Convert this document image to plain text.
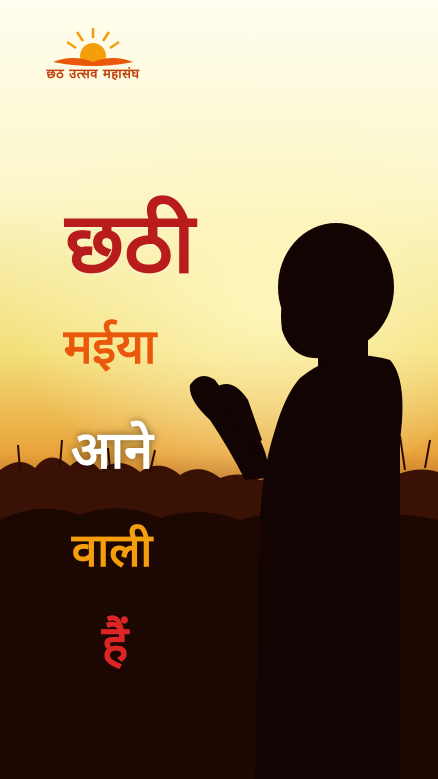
छठ उत्सव महासंघ
छठी
मईया
आने
वाली
हैं
